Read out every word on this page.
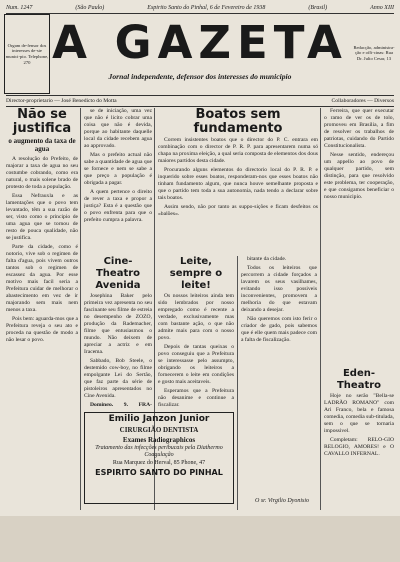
Num. 1247	(São Paulo)	Espirito Santo do Pinhal, 6 de Fevereiro de 1938	(Brasil)	Anno XIII
Orgam de-fensor dos interesses de-ste munici-pio. Telephone, 270 A GAZETA
Jornal independente, defensor dos interesses do municipio
Redacção, administra-ção e offi-cinas: Rua Dr. Julio Cesar, 13
Director-proprietario — José Benedicto do Motta	Collaboradores — Diversos
Não se justifica
o augmento da taxa de agua

A resolução do Prefeito, de majorar a taxa de agua no seu costumbe cobrando, como era natural, o mais solene brado de protesto de toda a população.

Essa Nefrauxla e as lamentações que o povo tem levantado, têm a sua razão de ser, visto como o principio de uma agua que se tornou de resto de pouca qualidade, não se justifica.

Parte da cidade, como é notorio, vive sob o regimen de falta d'agua, pois vivem outros tantos sob o regimen de escassez da agua. Por esse motivo mais facil seria a Prefeitura cuidar de melhorar o abastecimento em vez de ir majorando sem mais nem menos a taxa.

Pois bem: aguarda-mos que a Prefeitura reveja o seu ato e proceda na questão de modo a não lesar o povo.

se de iniciação, uma vez que não é licito cobrar uma coisa que não é devida, porque ao habitante daquelle local da cidade recebem agua ao approvado.

Mas o prefeito actual não sabe a quantidade de agua que se fornece e nem se sabe a que preço a população é obrigada a pagar.

A quem pertence o direito de rever a taxa e propor a justiça? Esta é a questão que o povo enfrenta para que o prefeito cumpra a palavra.

Cine-Theatro Avenida

Josephina Baker pelo primeira vez apresenta no seu fascinante seu filme de estreia no desempenho de ZOZO, produção da Rademacher, filme que entusiasmou o mundo. Não deixem de apreciar a actriz e em Iracema.

Sabbado, Bob Steele, o destemido cow-boy, no filme empolgante Lei do Sertão, que faz parte da série de pistoleiros apresentados no Cine Avenida.

Domingo, 9, FRA-

Boatos sem fundamento

Correm insistentes boatos que o director do P. C. entrara em combinação com o director de P. R. P. para apresentarem numa só chapa na proxima eleição, a qual seria composta de elementos dos dous maiores partidos desta cidade.

Procurando alguns elementos do directorio local do P. R. P. e inquerido sobre esses boatos, responderam-nos que esses boatos não tinham fundamento algum, que nunca houve semelhante proposta e que o partido tem toda a sua autonomia, nada tendo a declarar sobre tais boatos.

Assim sendo, não por tanto as suppo-sições e ficam desfeitos os «balões».

Leite, sempre o leite!

Os nossos leiteiros ainda tem sido lembrados por nosso empregado como é recente a verdade, exclusivamente mas com bastante ação, o que não admite mais para com o nosso povo.

Depois de tantas queixas o povo conseguiu que a Prefeitura se interessasse pelo assumpto, obrigando os leiteiros a fornecerem o leite em condições e gosto mais aceitaveis.

Esperamos que a Prefeitura não desanime e continue a fiscalizar.

bitante da cidade.

Todos os leiteiros que percorrem a cidade forçados a lavarem os seus vasilhames, evitando isso possiveis inconvenientes, promovem a melhoria do que estavam deixando a desejar.

Não queremos com isto ferir o criador de gado, pois sabemos que é elle quem mais padece com a falta de fiscalização.

O sr. Virgilio Dyonisio

Ferreira, que quer executar o ramo de ver os de tolo, promoveu em Brasilia, a fim de resolver os trabalhos de patriotas, cuidando do Partido Constitucionalista.

Nesse sentido, endereçou um appello ao povo de qualquer partido, sem distinção, para que resolvido este problema, ter cooperação, e que consigamos beneficiar o nosso municipio.

Eden-Theatro

Hoje no serão "Bella-se LADRÃO ROMANO" com Ari Franco, bela e famosa comedia, comedia sub-titulada, sem o que se tornaria impossivel.

Completam: RELO-GIO RELOGIO, AMORES! e O CAVALLO INFERNAL.

Emilio Janzon Junior
CIRURGIÃO DENTISTA
Exames Radiographicos
Tratamento das infecções peribucais pela Diathermo Coagulação
Rua Marquez do Herval, 85 Phone, 47
ESPIRITO SANTO DO PINHAL
